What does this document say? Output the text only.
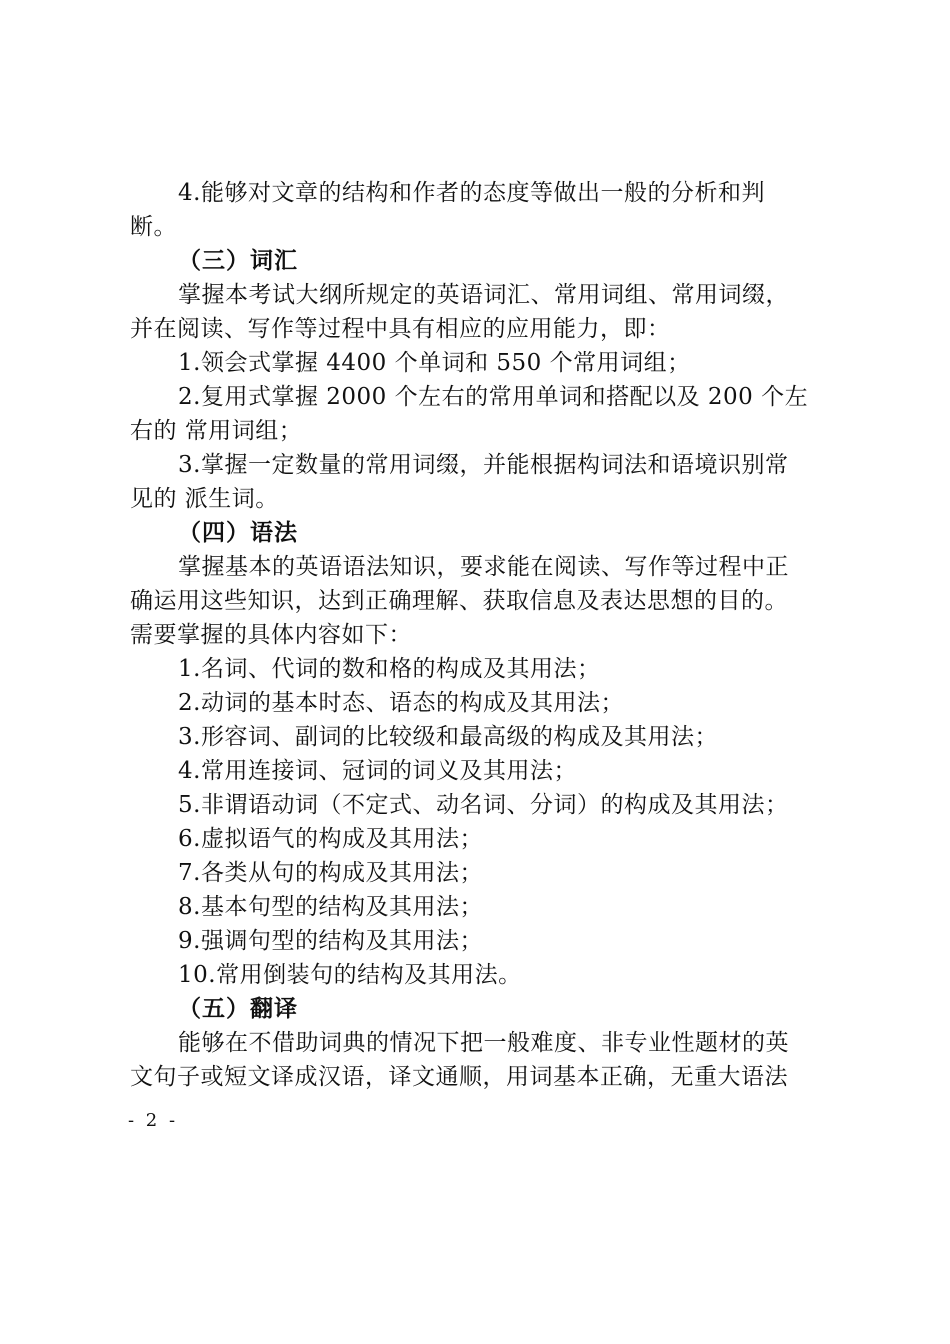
4.能够对文章的结构和作者的态度等做出一般的分析和判
断。
（三）词汇
掌握本考试大纲所规定的英语词汇、常用词组、常用词缀，
并在阅读、写作等过程中具有相应的应用能力，即：
1.领会式掌握 4400 个单词和 550 个常用词组；
2.复用式掌握 2000 个左右的常用单词和搭配以及 200 个左
右的 常用词组；
3.掌握一定数量的常用词缀，并能根据构词法和语境识别常
见的 派生词。
（四）语法
掌握基本的英语语法知识，要求能在阅读、写作等过程中正
确运用这些知识，达到正确理解、获取信息及表达思想的目的。
需要掌握的具体内容如下：
1.名词、代词的数和格的构成及其用法；
2.动词的基本时态、语态的构成及其用法；
3.形容词、副词的比较级和最高级的构成及其用法；
4.常用连接词、冠词的词义及其用法；
5.非谓语动词（不定式、动名词、分词）的构成及其用法；
6.虚拟语气的构成及其用法；
7.各类从句的构成及其用法；
8.基本句型的结构及其用法；
9.强调句型的结构及其用法；
10.常用倒装句的结构及其用法。
（五）翻译
能够在不借助词典的情况下把一般难度、非专业性题材的英
文句子或短文译成汉语，译文通顺，用词基本正确，无重大语法
- 2 -
